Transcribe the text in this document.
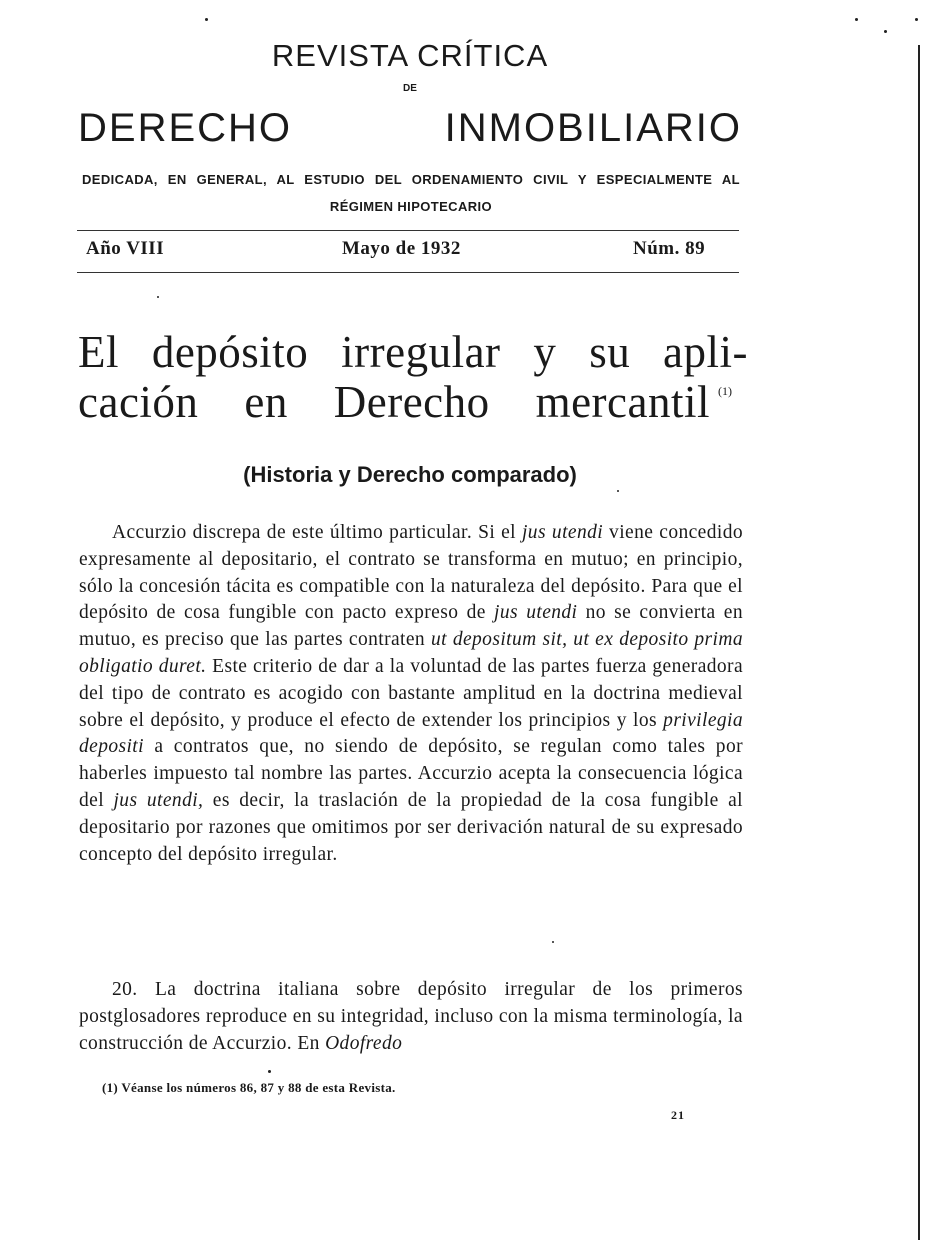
REVISTA CRÍTICA
DE
DERECHO INMOBILIARIO
DEDICADA, EN GENERAL, AL ESTUDIO DEL ORDENAMIENTO CIVIL Y ESPECIALMENTE AL RÉGIMEN HIPOTECARIO
Año VIII	Mayo de 1932	Núm. 89
El depósito irregular y su apli-
cación en Derecho mercantil (1)
(Historia y Derecho comparado)
Accurzio discrepa de este último particular. Si el jus utendi viene concedido expresamente al depositario, el contrato se transforma en mutuo; en principio, sólo la concesión tácita es compatible con la naturaleza del depósito. Para que el depósito de cosa fungible con pacto expreso de jus utendi no se convierta en mutuo, es preciso que las partes contraten ut depositum sit, ut ex deposito prima obligatio duret. Este criterio de dar a la voluntad de las partes fuerza generadora del tipo de contrato es acogido con bastante amplitud en la doctrina medieval sobre el depósito, y produce el efecto de extender los principios y los privilegia depositi a contratos que, no siendo de depósito, se regulan como tales por haberles impuesto tal nombre las partes. Accurzio acepta la consecuencia lógica del jus utendi, es decir, la traslación de la propiedad de la cosa fungible al depositario por razones que omitimos por ser derivación natural de su expresado concepto del depósito irregular.
20. La doctrina italiana sobre depósito irregular de los primeros postglosadores reproduce en su integridad, incluso con la misma terminología, la construcción de Accurzio. En Odofredo
(1) Véanse los números 86, 87 y 88 de esta Revista.
21
